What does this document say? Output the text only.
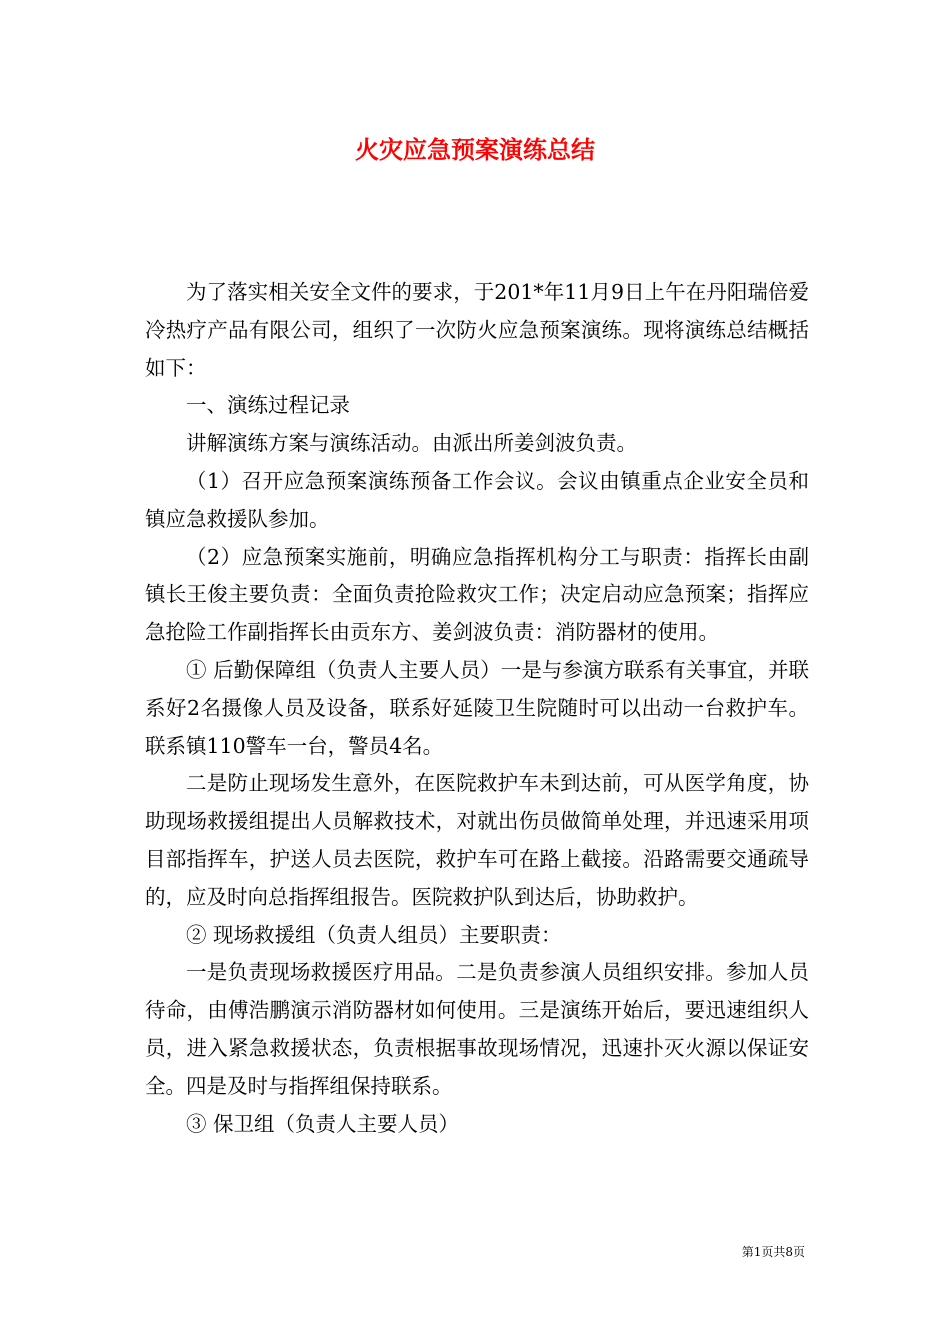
火灾应急预案演练总结

为了落实相关安全文件的要求，于201*年11月9日上午在丹阳瑞倍爱冷热疗产品有限公司，组织了一次防火应急预案演练。现将演练总结概括如下：

一、演练过程记录

讲解演练方案与演练活动。由派出所姜剑波负责。

（1）召开应急预案演练预备工作会议。会议由镇重点企业安全员和镇应急救援队参加。

（2）应急预案实施前，明确应急指挥机构分工与职责：指挥长由副镇长王俊主要负责：全面负责抢险救灾工作；决定启动应急预案；指挥应急抢险工作副指挥长由贡东方、姜剑波负责：消防器材的使用。

① 后勤保障组（负责人主要人员）一是与参演方联系有关事宜，并联系好2名摄像人员及设备，联系好延陵卫生院随时可以出动一台救护车。联系镇110警车一台，警员4名。

二是防止现场发生意外，在医院救护车未到达前，可从医学角度，协助现场救援组提出人员解救技术，对就出伤员做简单处理，并迅速采用项目部指挥车，护送人员去医院，救护车可在路上截接。沿路需要交通疏导的，应及时向总指挥组报告。医院救护队到达后，协助救护。

② 现场救援组（负责人组员）主要职责：

一是负责现场救援医疗用品。二是负责参演人员组织安排。参加人员待命，由傅浩鹏演示消防器材如何使用。三是演练开始后，要迅速组织人员，进入紧急救援状态，负责根据事故现场情况，迅速扑灭火源以保证安全。四是及时与指挥组保持联系。

③ 保卫组（负责人主要人员）

第1页共8页
